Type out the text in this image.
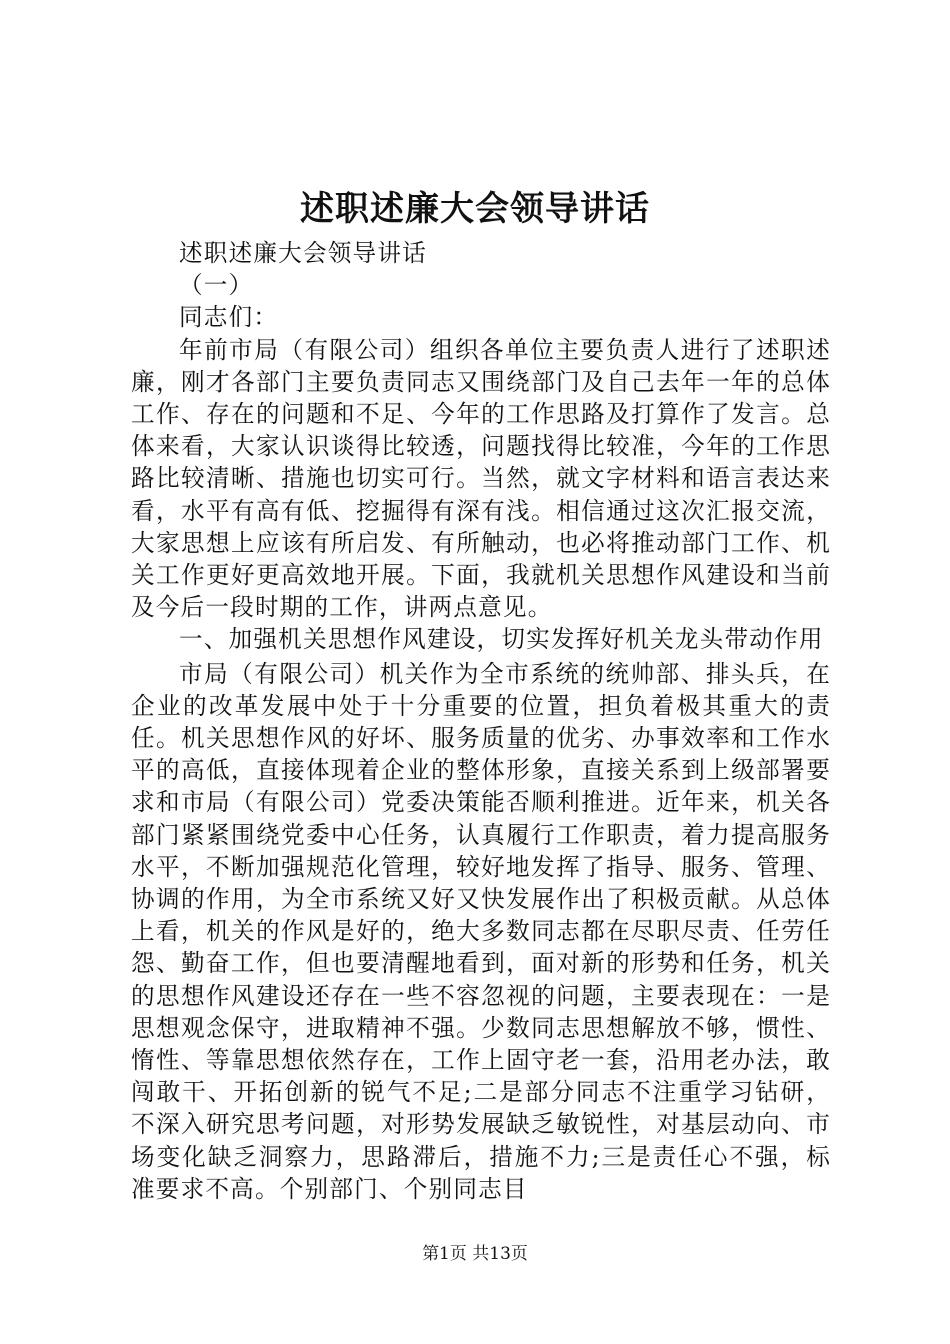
述职述廉大会领导讲话

述职述廉大会领导讲话

（一）

同志们：

年前市局（有限公司）组织各单位主要负责人进行了述职述廉，刚才各部门主要负责同志又围绕部门及自己去年一年的总体工作、存在的问题和不足、今年的工作思路及打算作了发言。总体来看，大家认识谈得比较透，问题找得比较准，今年的工作思路比较清晰、措施也切实可行。当然，就文字材料和语言表达来看，水平有高有低、挖掘得有深有浅。相信通过这次汇报交流，大家思想上应该有所启发、有所触动，也必将推动部门工作、机关工作更好更高效地开展。下面，我就机关思想作风建设和当前及今后一段时期的工作，讲两点意见。

一、加强机关思想作风建设，切实发挥好机关龙头带动作用

市局（有限公司）机关作为全市系统的统帅部、排头兵，在企业的改革发展中处于十分重要的位置，担负着极其重大的责任。机关思想作风的好坏、服务质量的优劣、办事效率和工作水平的高低，直接体现着企业的整体形象，直接关系到上级部署要求和市局（有限公司）党委决策能否顺利推进。近年来，机关各部门紧紧围绕党委中心任务，认真履行工作职责，着力提高服务水平，不断加强规范化管理，较好地发挥了指导、服务、管理、协调的作用，为全市系统又好又快发展作出了积极贡献。从总体上看，机关的作风是好的，绝大多数同志都在尽职尽责、任劳任怨、勤奋工作，但也要清醒地看到，面对新的形势和任务，机关的思想作风建设还存在一些不容忽视的问题，主要表现在：一是思想观念保守，进取精神不强。少数同志思想解放不够，惯性、惰性、等靠思想依然存在，工作上固守老一套，沿用老办法，敢闯敢干、开拓创新的锐气不足;二是部分同志不注重学习钻研，不深入研究思考问题，对形势发展缺乏敏锐性，对基层动向、市场变化缺乏洞察力，思路滞后，措施不力;三是责任心不强，标准要求不高。个别部门、个别同志目

第1页 共13页
